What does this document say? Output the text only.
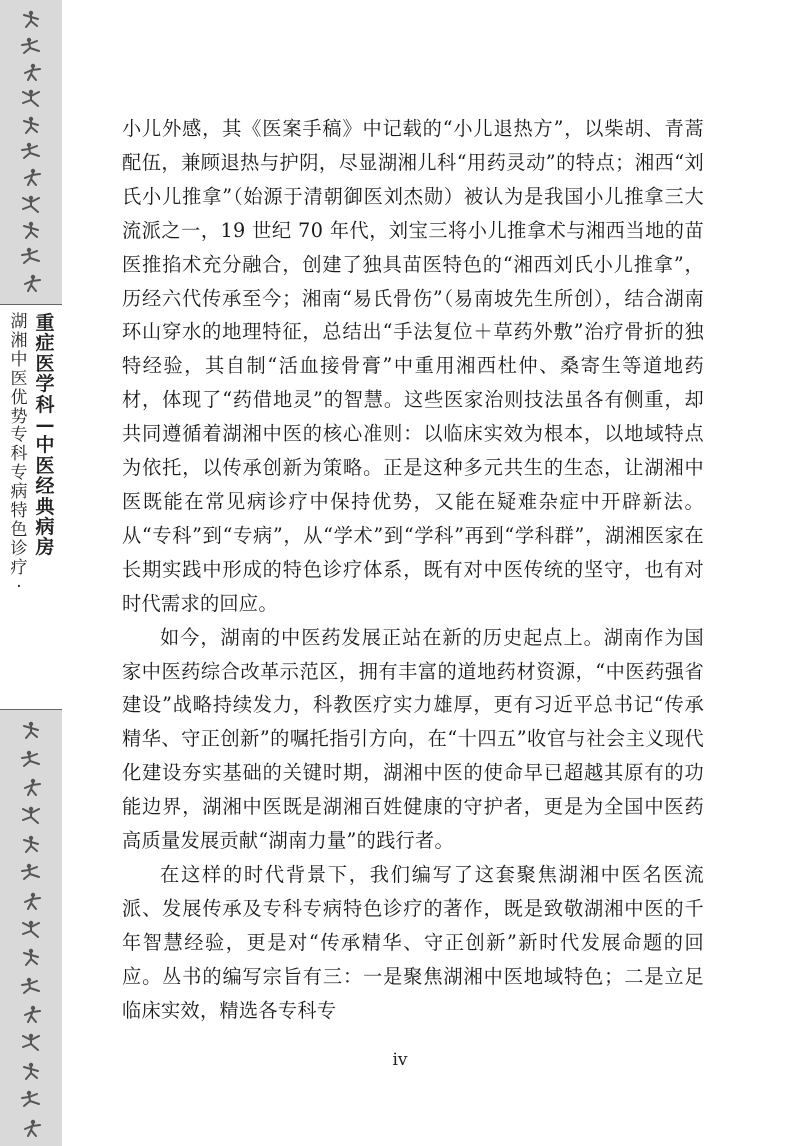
湖
湘
中
医
优
势
专
科
专
病
特
色
诊
疗
·
重
症
医
学
科
—
中
医
经
典
病
房

小儿外感，其《医案手稿》中记载的“小儿退热方”，以柴胡、青蒿配伍，兼顾退热与护阴，尽显湖湘儿科“用药灵动”的特点；湘西“刘氏小儿推拿”（始源于清朝御医刘杰勋）被认为是我国小儿推拿三大流派之一，19 世纪 70 年代，刘宝三将小儿推拿术与湘西当地的苗医推掐术充分融合，创建了独具苗医特色的“湘西刘氏小儿推拿”，历经六代传承至今；湘南“易氏骨伤”（易南坡先生所创），结合湖南环山穿水的地理特征，总结出“手法复位＋草药外敷”治疗骨折的独特经验，其自制“活血接骨膏”中重用湘西杜仲、桑寄生等道地药材，体现了“药借地灵”的智慧。这些医家治则技法虽各有侧重，却共同遵循着湖湘中医的核心准则：以临床实效为根本，以地域特点为依托，以传承创新为策略。正是这种多元共生的生态，让湖湘中医既能在常见病诊疗中保持优势，又能在疑难杂症中开辟新法。从“专科”到“专病”，从“学术”到“学科”再到“学科群”，湖湘医家在长期实践中形成的特色诊疗体系，既有对中医传统的坚守，也有对时代需求的回应。

如今，湖南的中医药发展正站在新的历史起点上。湖南作为国家中医药综合改革示范区，拥有丰富的道地药材资源，“中医药强省建设”战略持续发力，科教医疗实力雄厚，更有习近平总书记“传承精华、守正创新”的嘱托指引方向，在“十四五”收官与社会主义现代化建设夯实基础的关键时期，湖湘中医的使命早已超越其原有的功能边界，湖湘中医既是湖湘百姓健康的守护者，更是为全国中医药高质量发展贡献“湖南力量”的践行者。

在这样的时代背景下，我们编写了这套聚焦湖湘中医名医流派、发展传承及专科专病特色诊疗的著作，既是致敬湖湘中医的千年智慧经验，更是对“传承精华、守正创新”新时代发展命题的回应。丛书的编写宗旨有三：一是聚焦湖湘中医地域特色；二是立足临床实效，精选各专科专

iv
